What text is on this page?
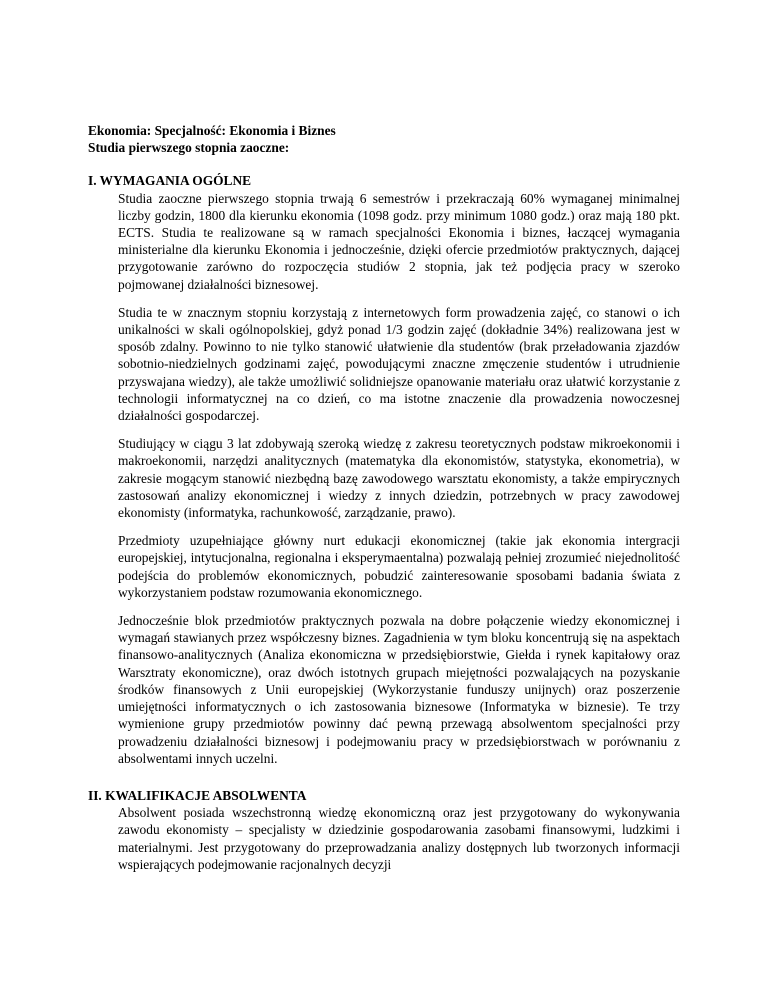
Ekonomia: Specjalność: Ekonomia i Biznes

Studia pierwszego stopnia zaoczne:

I. WYMAGANIA OGÓLNE

Studia zaoczne pierwszego stopnia trwają 6 semestrów i przekraczają 60% wymaganej minimalnej liczby godzin, 1800 dla kierunku ekonomia (1098 godz. przy minimum 1080 godz.) oraz mają 180 pkt. ECTS. Studia te realizowane są w ramach specjalności Ekonomia i biznes, łaczącej wymagania ministerialne dla kierunku Ekonomia i jednocześnie, dzięki ofercie przedmiotów praktycznych, dającej przygotowanie zarówno do rozpoczęcia studiów 2 stopnia, jak też podjęcia pracy w szeroko pojmowanej działalności biznesowej.

Studia te w znacznym stopniu korzystają z internetowych form prowadzenia zajęć, co stanowi o ich unikalności w skali ogólnopolskiej, gdyż ponad 1/3 godzin zajęć (dokładnie 34%) realizowana jest w sposób zdalny. Powinno to nie tylko stanowić ułatwienie dla studentów (brak przeładowania zjazdów sobotnio-niedzielnych godzinami zajęć, powodującymi znaczne zmęczenie studentów i utrudnienie przyswajana wiedzy), ale także umożliwić solidniejsze opanowanie materiału oraz ułatwić korzystanie z technologii informatycznej na co dzień, co ma istotne znaczenie dla prowadzenia nowoczesnej działalności gospodarczej.

Studiujący w ciągu 3 lat zdobywają szeroką wiedzę z zakresu teoretycznych podstaw mikroekonomii i makroekonomii, narzędzi analitycznych (matematyka dla ekonomistów, statystyka, ekonometria), w zakresie mogącym stanowić niezbędną bazę zawodowego warsztatu ekonomisty, a także empirycznych zastosowań analizy ekonomicznej i wiedzy z innych dziedzin, potrzebnych w pracy zawodowej ekonomisty (informatyka, rachunkowość, zarządzanie, prawo).

Przedmioty uzupełniające główny nurt edukacji ekonomicznej (takie jak ekonomia intergracji europejskiej, intytucjonalna, regionalna i eksperymaentalna) pozwalają pełniej zrozumieć niejednolitość podejścia do problemów ekonomicznych, pobudzić zainteresowanie sposobami badania świata z wykorzystaniem podstaw rozumowania ekonomicznego.

Jednocześnie blok przedmiotów praktycznych pozwala na dobre połączenie wiedzy ekonomicznej i wymagań stawianych przez współczesny biznes. Zagadnienia w tym bloku koncentrują się na aspektach finansowo-analitycznych (Analiza ekonomiczna w przedsiębiorstwie, Giełda i rynek kapitałowy oraz Warsztraty ekonomiczne), oraz dwóch istotnych grupach miejętności pozwalających na pozyskanie środków finansowych z Unii europejskiej (Wykorzystanie funduszy unijnych) oraz poszerzenie umiejętności informatycznych o ich zastosowania biznesowe (Informatyka w biznesie). Te trzy wymienione grupy przedmiotów powinny dać pewną przewagą absolwentom specjalności przy prowadzeniu działalności biznesowj i podejmowaniu pracy w przedsiębiorstwach w porównaniu z absolwentami innych uczelni.

II. KWALIFIKACJE ABSOLWENTA

Absolwent posiada wszechstronną wiedzę ekonomiczną oraz jest przygotowany do wykonywania zawodu ekonomisty – specjalisty w dziedzinie gospodarowania zasobami finansowymi, ludzkimi i materialnymi. Jest przygotowany do przeprowadzania analizy dostępnych lub tworzonych informacji wspierających podejmowanie racjonalnych decyzji
